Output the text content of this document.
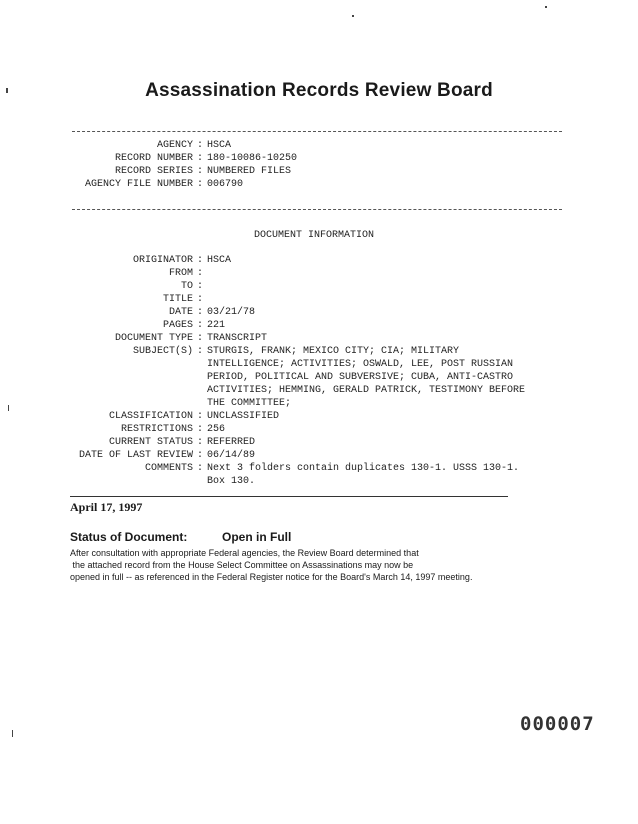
Assassination Records Review Board
AGENCY : HSCA
RECORD NUMBER : 180-10086-10250
RECORD SERIES : NUMBERED FILES
AGENCY FILE NUMBER : 006790
DOCUMENT INFORMATION
ORIGINATOR : HSCA
FROM :
TO :
TITLE :
DATE : 03/21/78
PAGES : 221
DOCUMENT TYPE : TRANSCRIPT
SUBJECT(S) : STURGIS, FRANK; MEXICO CITY; CIA; MILITARY
INTELLIGENCE; ACTIVITIES; OSWALD, LEE, POST RUSSIAN
PERIOD, POLITICAL AND SUBVERSIVE; CUBA, ANTI-CASTRO
ACTIVITIES; HEMMING, GERALD PATRICK, TESTIMONY BEFORE
THE COMMITTEE;
CLASSIFICATION : UNCLASSIFIED
RESTRICTIONS : 256
CURRENT STATUS : REFERRED
DATE OF LAST REVIEW : 06/14/89
COMMENTS : Next 3 folders contain duplicates 130-1. USSS 130-1.
Box 130.
April 17, 1997
Status of Document:	Open in Full
After consultation with appropriate Federal agencies, the Review Board determined that
the attached record from the House Select Committee on Assassinations may now be
opened in full -- as referenced in the Federal Register notice for the Board's March 14, 1997 meeting.
000007
